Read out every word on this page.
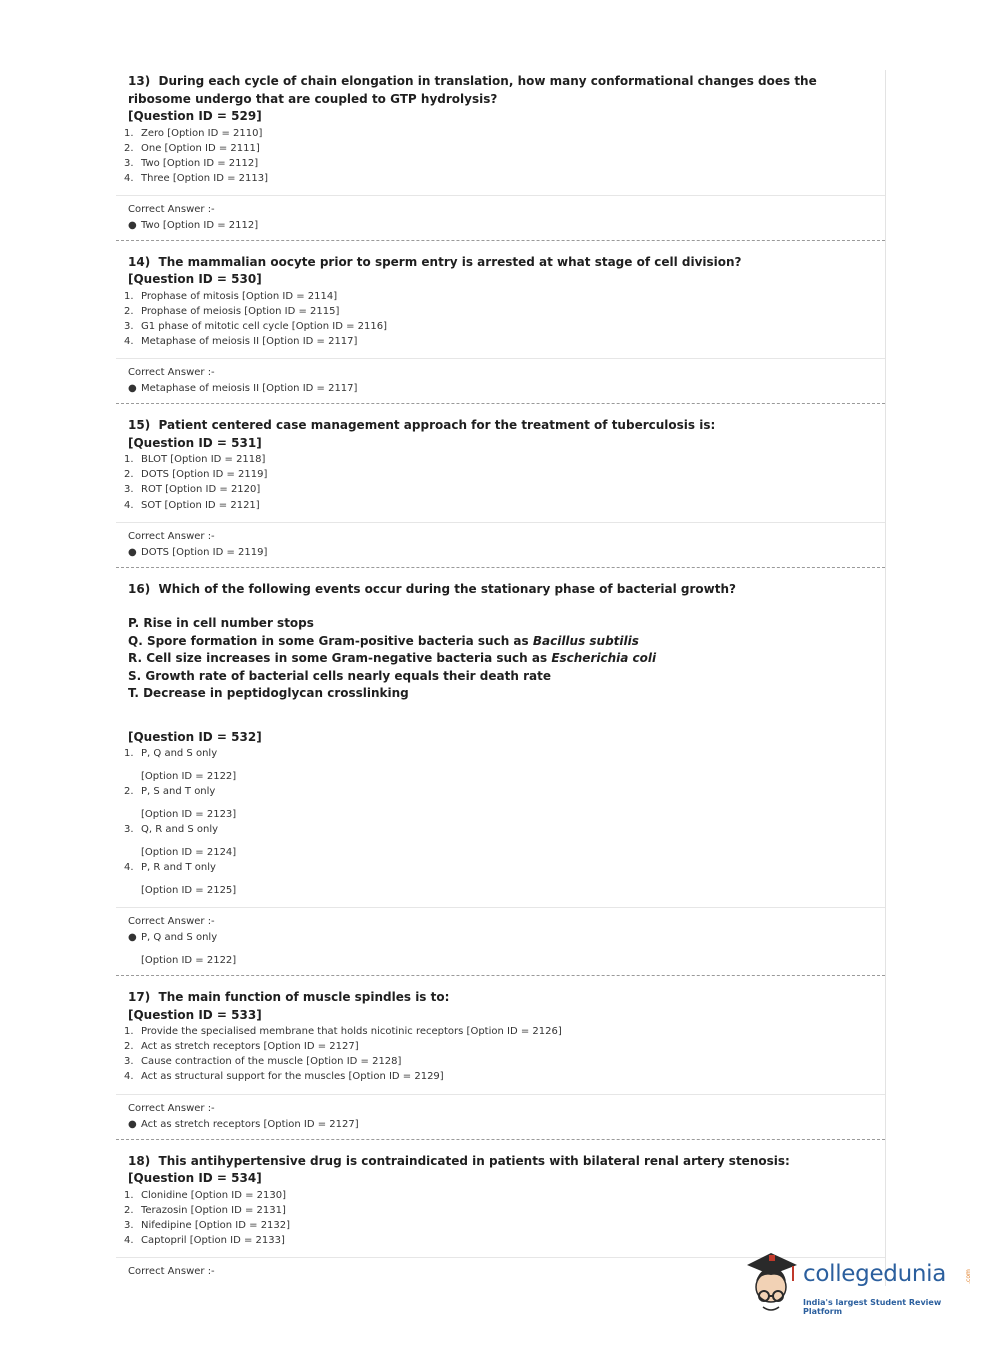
13) During each cycle of chain elongation in translation, how many conformational changes does the ribosome undergo that are coupled to GTP hydrolysis?

[Question ID = 529]
1. Zero [Option ID = 2110]
2. One [Option ID = 2111]
3. Two [Option ID = 2112]
4. Three [Option ID = 2113]
Correct Answer :-
● Two [Option ID = 2112]

14) The mammalian oocyte prior to sperm entry is arrested at what stage of cell division?

[Question ID = 530]
1. Prophase of mitosis [Option ID = 2114]
2. Prophase of meiosis [Option ID = 2115]
3. G1 phase of mitotic cell cycle [Option ID = 2116]
4. Metaphase of meiosis II [Option ID = 2117]
Correct Answer :-
● Metaphase of meiosis II [Option ID = 2117]

15) Patient centered case management approach for the treatment of tuberculosis is:

[Question ID = 531]
1. BLOT [Option ID = 2118]
2. DOTS [Option ID = 2119]
3. ROT [Option ID = 2120]
4. SOT [Option ID = 2121]
Correct Answer :-
● DOTS [Option ID = 2119]

16) Which of the following events occur during the stationary phase of bacterial growth?

P. Rise in cell number stops
Q. Spore formation in some Gram-positive bacteria such as Bacillus subtilis
R. Cell size increases in some Gram-negative bacteria such as Escherichia coli
S. Growth rate of bacterial cells nearly equals their death rate
T. Decrease in peptidoglycan crosslinking
[Question ID = 532]
1. P, Q and S only
[Option ID = 2122]
2. P, S and T only
[Option ID = 2123]
3. Q, R and S only
[Option ID = 2124]
4. P, R and T only
[Option ID = 2125]
Correct Answer :-
● P, Q and S only
[Option ID = 2122]

17) The main function of muscle spindles is to:

[Question ID = 533]
1. Provide the specialised membrane that holds nicotinic receptors [Option ID = 2126]
2. Act as stretch receptors [Option ID = 2127]
3. Cause contraction of the muscle [Option ID = 2128]
4. Act as structural support for the muscles [Option ID = 2129]
Correct Answer :-
● Act as stretch receptors [Option ID = 2127]

18) This antihypertensive drug is contraindicated in patients with bilateral renal artery stenosis:

[Question ID = 534]
1. Clonidine [Option ID = 2130]
2. Terazosin [Option ID = 2131]
3. Nifedipine [Option ID = 2132]
4. Captopril [Option ID = 2133]
Correct Answer :-	collegedunia	.com
India's largest Student Review Platform
